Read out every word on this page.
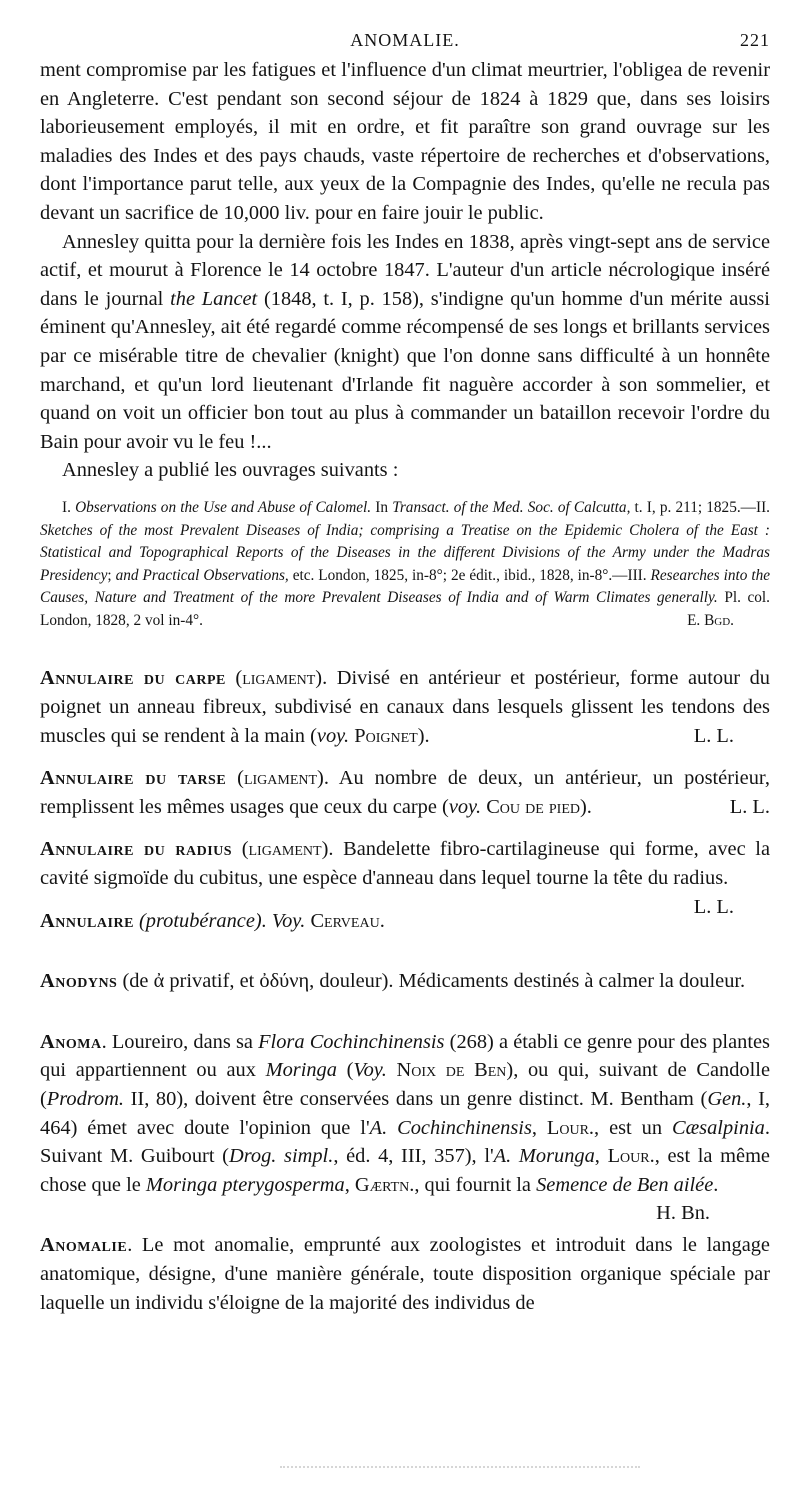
ANOMALIE.	221

ment compromise par les fatigues et l'influence d'un climat meurtrier, l'obligea de revenir en Angleterre. C'est pendant son second séjour de 1824 à 1829 que, dans ses loisirs laborieusement employés, il mit en ordre, et fit paraître son grand ouvrage sur les maladies des Indes et des pays chauds, vaste répertoire de recherches et d'observations, dont l'importance parut telle, aux yeux de la Compagnie des Indes, qu'elle ne recula pas devant un sacrifice de 10,000 liv. pour en faire jouir le public.

Annesley quitta pour la dernière fois les Indes en 1838, après vingt-sept ans de service actif, et mourut à Florence le 14 octobre 1847. L'auteur d'un article nécrologique inséré dans le journal the Lancet (1848, t. I, p. 158), s'indigne qu'un homme d'un mérite aussi éminent qu'Annesley, ait été regardé comme récompensé de ses longs et brillants services par ce misérable titre de chevalier (knight) que l'on donne sans difficulté à un honnête marchand, et qu'un lord lieutenant d'Irlande fit naguère accorder à son sommelier, et quand on voit un officier bon tout au plus à commander un bataillon recevoir l'ordre du Bain pour avoir vu le feu !...

Annesley a publié les ouvrages suivants :

I. Observations on the Use and Abuse of Calomel. In Transact. of the Med. Soc. of Calcutta, t. I, p. 211; 1825.—II. Sketches of the most Prevalent Diseases of India; comprising a Treatise on the Epidemic Cholera of the East : Statistical and Topographical Reports of the Diseases in the different Divisions of the Army under the Madras Presidency; and Practical Observations, etc. London, 1825, in-8°; 2e édit., ibid., 1828, in-8°.—III. Researches into the Causes, Nature and Treatment of the more Prevalent Diseases of India and of Warm Climates generally. Pl. col. London, 1828, 2 vol in-4°.	E. Bgd.

Annulaire du carpe (ligament). Divisé en antérieur et postérieur, forme autour du poignet un anneau fibreux, subdivisé en canaux dans lesquels glissent les tendons des muscles qui se rendent à la main (voy. Poignet).	L. L.

Annulaire du tarse (ligament). Au nombre de deux, un antérieur, un postérieur, remplissent les mêmes usages que ceux du carpe (voy. Cou de pied).	L. L.

Annulaire du radius (ligament). Bandelette fibro-cartilagineuse qui forme, avec la cavité sigmoïde du cubitus, une espèce d'anneau dans lequel tourne la tête du radius.
L. L.

Annulaire (protubérance). Voy. Cerveau.

Anodyns (de ἀ privatif, et ὀδύνη, douleur). Médicaments destinés à calmer la douleur.

Anoma. Loureiro, dans sa Flora Cochinchinensis (268) a établi ce genre pour des plantes qui appartiennent ou aux Moringa (Voy. Noix de Ben), ou qui, suivant de Candolle (Prodrom. II, 80), doivent être conservées dans un genre distinct. M. Bentham (Gen., I, 464) émet avec doute l'opinion que l'A. Cochinchinensis, Lour., est un Cæsalpinia. Suivant M. Guibourt (Drog. simpl., éd. 4, III, 357), l'A. Morunga, Lour., est la même chose que le Moringa pterygosperma, Gærtn., qui fournit la Semence de Ben ailée.
H. Bn.

Anomalie. Le mot anomalie, emprunté aux zoologistes et introduit dans le langage anatomique, désigne, d'une manière générale, toute disposition organique spéciale par laquelle un individu s'éloigne de la majorité des individus de
